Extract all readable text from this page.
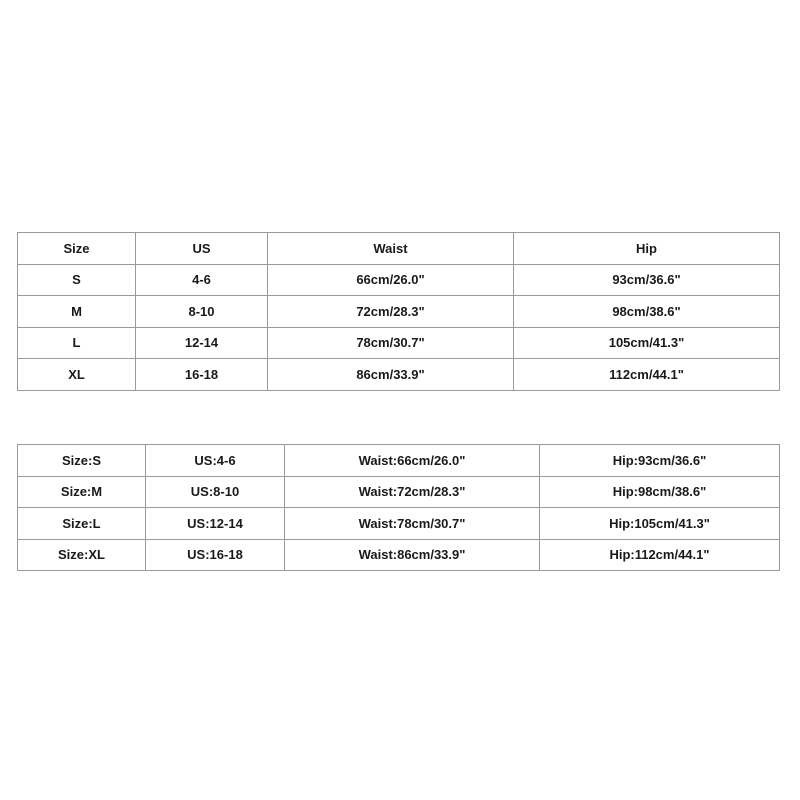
Size	US	Waist	Hip
S	4-6	66cm/26.0"	93cm/36.6"
M	8-10	72cm/28.3"	98cm/38.6"
L	12-14	78cm/30.7"	105cm/41.3"
XL	16-18	86cm/33.9"	112cm/44.1"
Size:S	US:4-6	Waist:66cm/26.0"	Hip:93cm/36.6"
Size:M	US:8-10	Waist:72cm/28.3"	Hip:98cm/38.6"
Size:L	US:12-14	Waist:78cm/30.7"	Hip:105cm/41.3"
Size:XL	US:16-18	Waist:86cm/33.9"	Hip:112cm/44.1"
